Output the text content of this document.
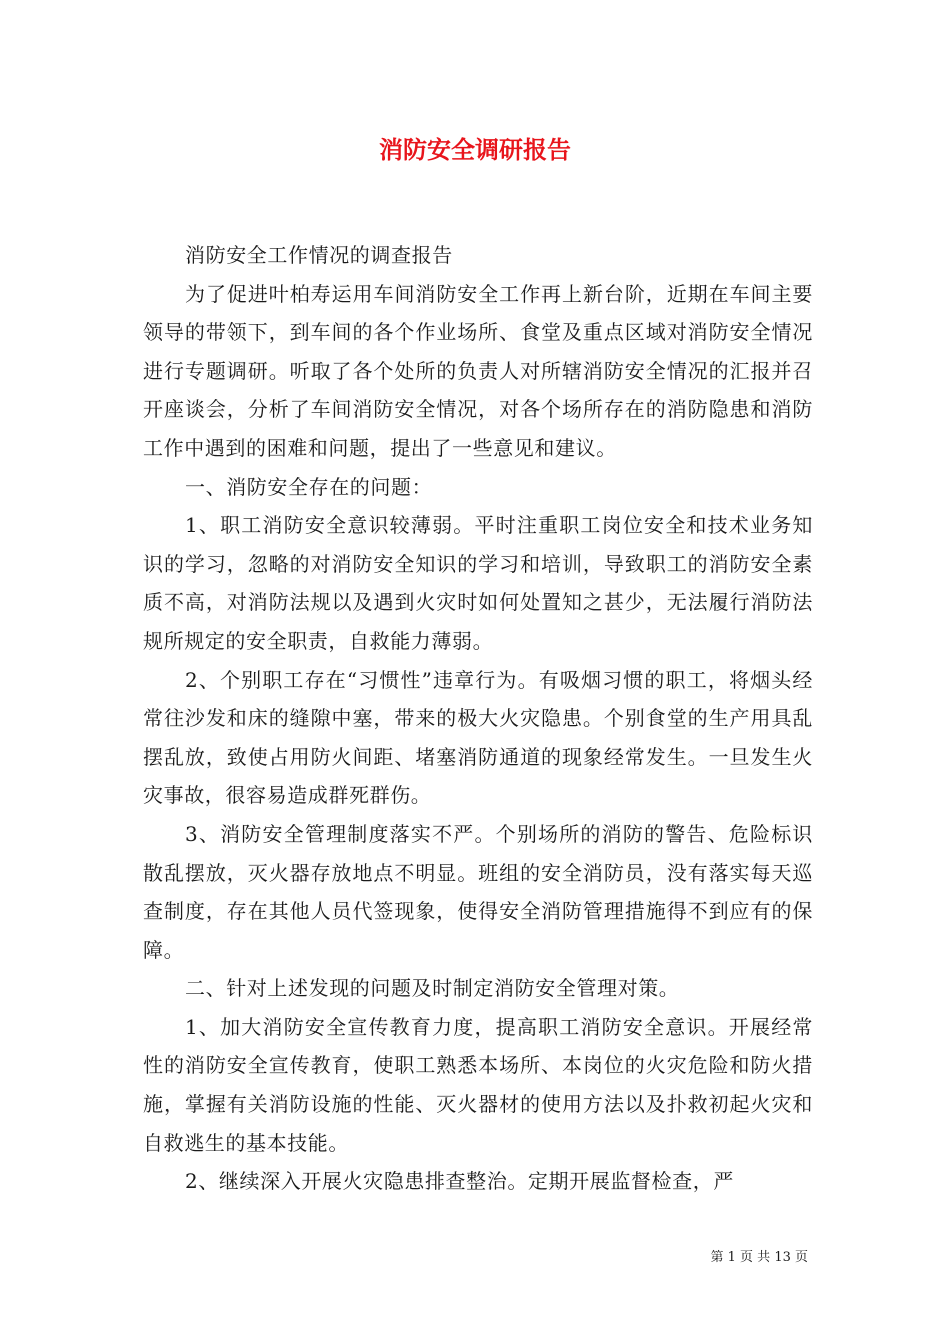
消防安全调研报告

消防安全工作情况的调查报告

为了促进叶柏寿运用车间消防安全工作再上新台阶，近期在车间主要领导的带领下，到车间的各个作业场所、食堂及重点区域对消防安全情况进行专题调研。听取了各个处所的负责人对所辖消防安全情况的汇报并召开座谈会，分析了车间消防安全情况，对各个场所存在的消防隐患和消防工作中遇到的困难和问题，提出了一些意见和建议。

一、消防安全存在的问题：

1、职工消防安全意识较薄弱。平时注重职工岗位安全和技术业务知识的学习，忽略的对消防安全知识的学习和培训，导致职工的消防安全素质不高，对消防法规以及遇到火灾时如何处置知之甚少，无法履行消防法规所规定的安全职责，自救能力薄弱。

2、个别职工存在“习惯性”违章行为。有吸烟习惯的职工，将烟头经常往沙发和床的缝隙中塞，带来的极大火灾隐患。个别食堂的生产用具乱摆乱放，致使占用防火间距、堵塞消防通道的现象经常发生。一旦发生火灾事故，很容易造成群死群伤。

3、消防安全管理制度落实不严。个别场所的消防的警告、危险标识散乱摆放，灭火器存放地点不明显。班组的安全消防员，没有落实每天巡查制度，存在其他人员代签现象，使得安全消防管理措施得不到应有的保障。

二、针对上述发现的问题及时制定消防安全管理对策。

1、加大消防安全宣传教育力度，提高职工消防安全意识。开展经常性的消防安全宣传教育，使职工熟悉本场所、本岗位的火灾危险和防火措施，掌握有关消防设施的性能、灭火器材的使用方法以及扑救初起火灾和自救逃生的基本技能。

2、继续深入开展火灾隐患排查整治。定期开展监督检查，严

第 1 页 共 13 页
